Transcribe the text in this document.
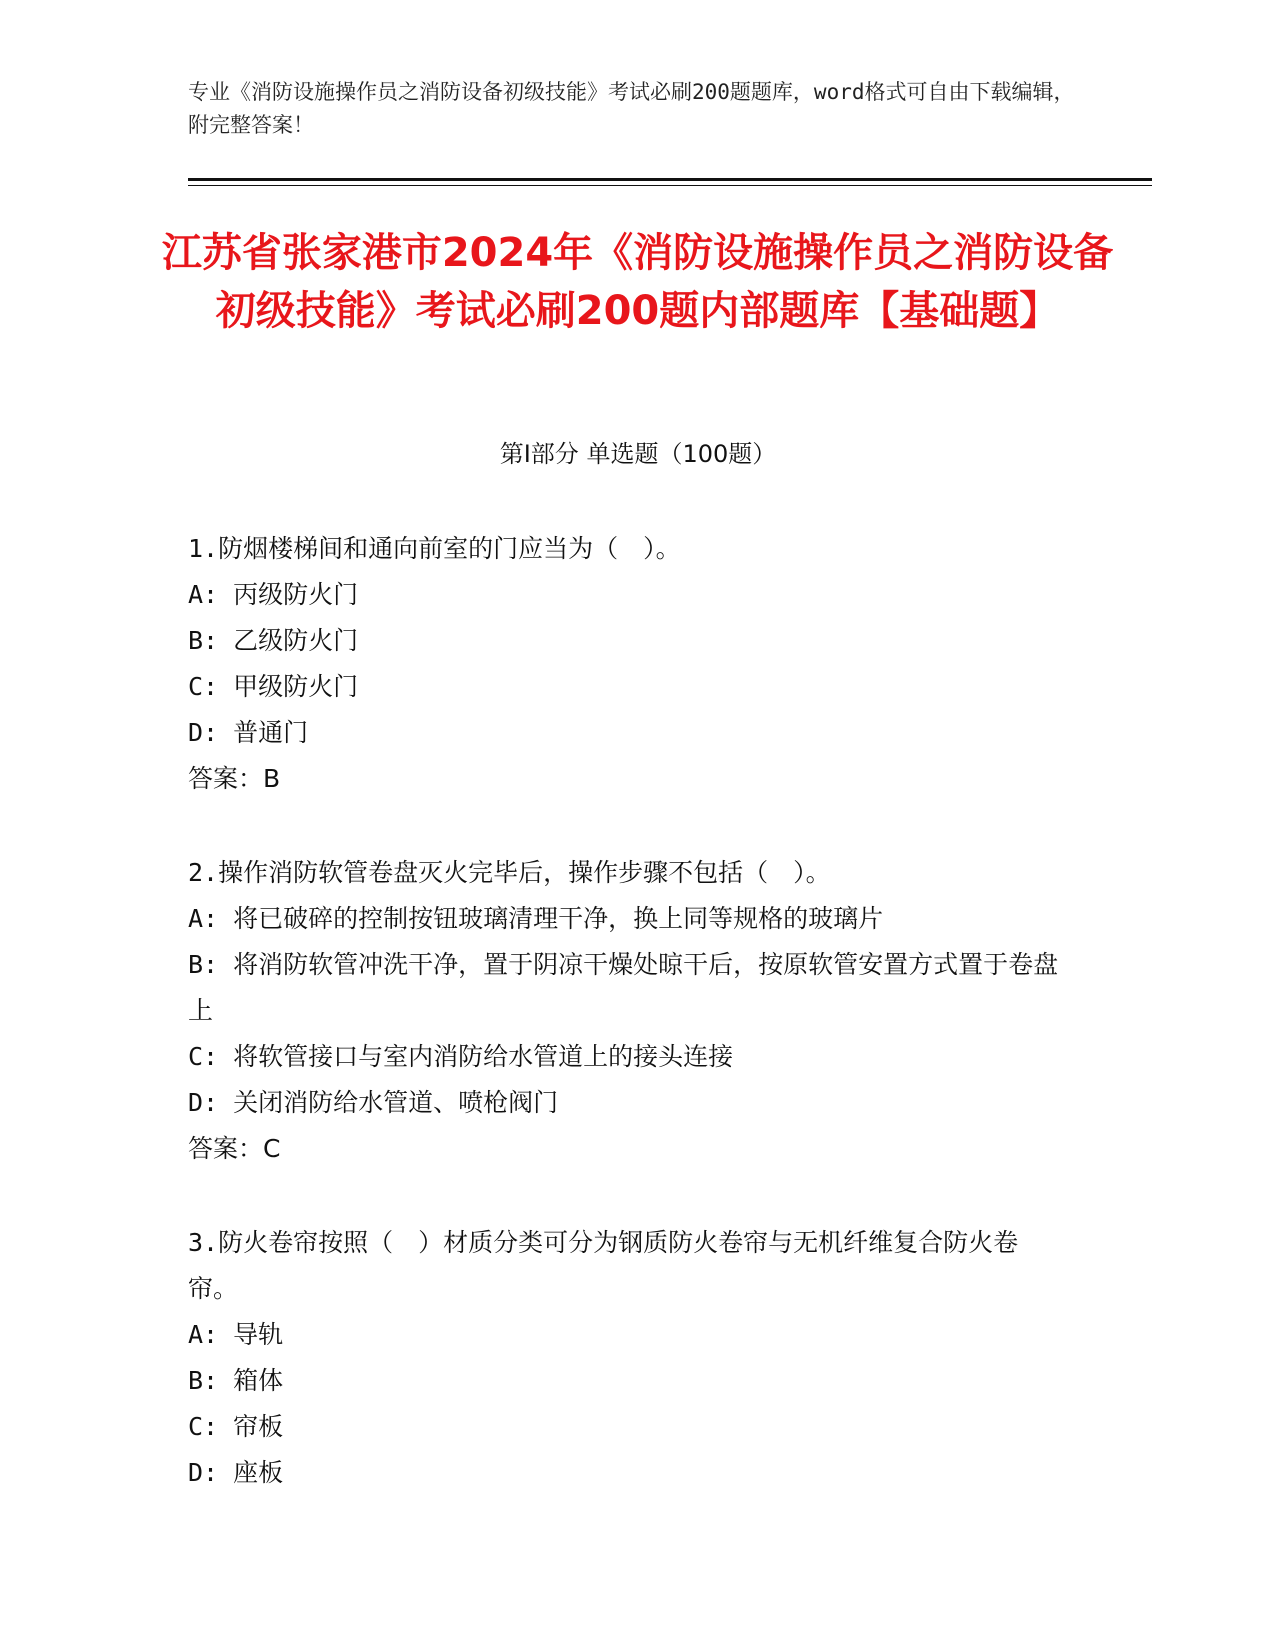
专业《消防设施操作员之消防设备初级技能》考试必刷200题题库，word格式可自由下载编辑，附完整答案！
江苏省张家港市2024年《消防设施操作员之消防设备初级技能》考试必刷200题内部题库【基础题】
第Ⅰ部分 单选题（100题）
1.防烟楼梯间和通向前室的门应当为（　）。
A: 丙级防火门
B: 乙级防火门
C: 甲级防火门
D: 普通门
答案：B
2.操作消防软管卷盘灭火完毕后，操作步骤不包括（　）。
A: 将已破碎的控制按钮玻璃清理干净，换上同等规格的玻璃片
B: 将消防软管冲洗干净，置于阴凉干燥处晾干后，按原软管安置方式置于卷盘上
C: 将软管接口与室内消防给水管道上的接头连接
D: 关闭消防给水管道、喷枪阀门
答案：C
3.防火卷帘按照（　）材质分类可分为钢质防火卷帘与无机纤维复合防火卷帘。
A: 导轨
B: 箱体
C: 帘板
D: 座板
